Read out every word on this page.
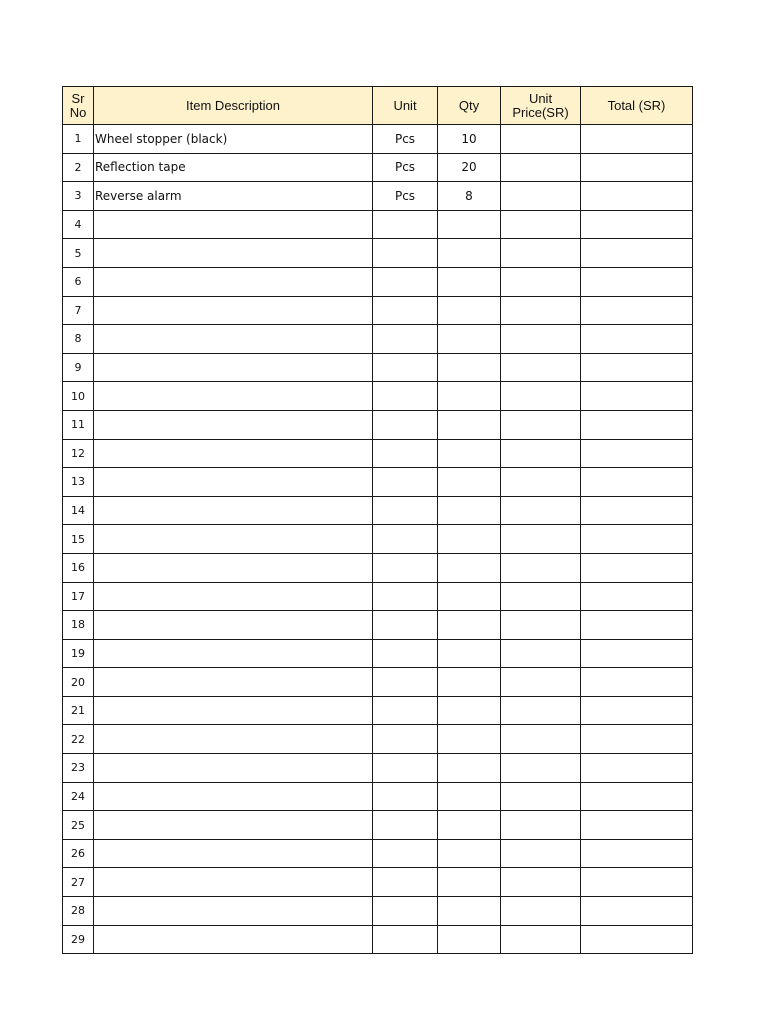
Sr No	Item Description	Unit	Qty	Unit Price(SR)	Total (SR)
1	Wheel stopper (black)	Pcs	10		
2	Reflection tape	Pcs	20		
3	Reverse alarm	Pcs	8		
4					
5					
6					
7					
8					
9					
10					
11					
12					
13					
14					
15					
16					
17					
18					
19					
20					
21					
22					
23					
24					
25					
26					
27					
28					
29					
